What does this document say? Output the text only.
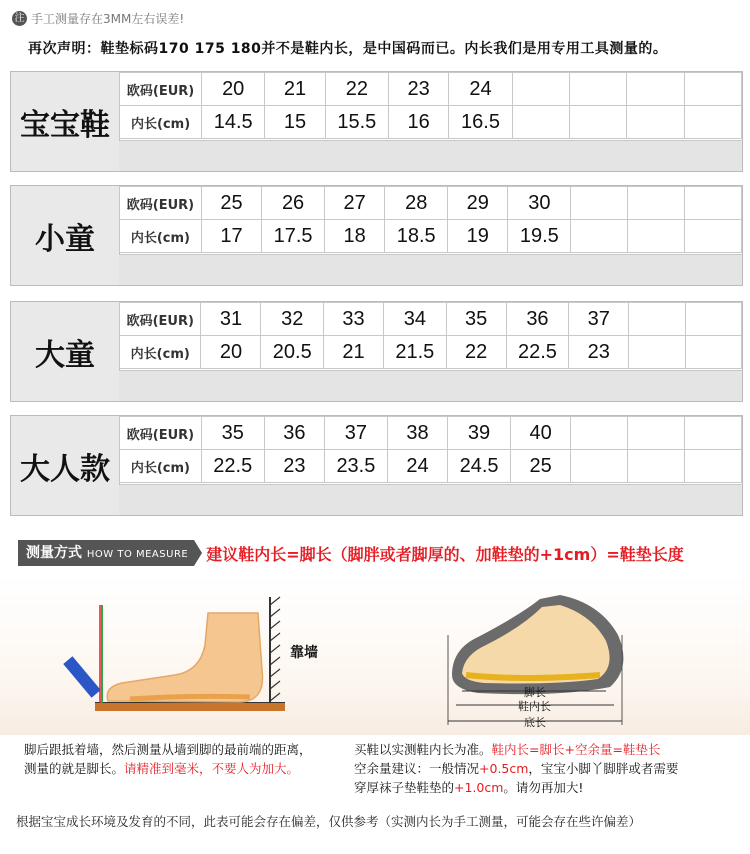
注 手工测量存在3MM左右误差!
再次声明：鞋垫标码170 175 180并不是鞋内长，是中国码而已。内长我们是用专用工具测量的。
宝宝鞋
欧码(EUR)	20	21	22	23	24				
内长(cm)	14.5	15	15.5	16	16.5				
小童
欧码(EUR)	25	26	27	28	29	30			
内长(cm)	17	17.5	18	18.5	19	19.5			
大童
欧码(EUR)	31	32	33	34	35	36	37		
内长(cm)	20	20.5	21	21.5	22	22.5	23		
大人款
欧码(EUR)	35	36	37	38	39	40			
内长(cm)	22.5	23	23.5	24	24.5	25			
测量方式 HOW TO MEASURE	建议鞋内长=脚长（脚胖或者脚厚的、加鞋垫的+1cm）=鞋垫长度
靠墙
脚长
鞋内长
底长
脚后跟抵着墙，然后测量从墙到脚的最前端的距离，
测量的就是脚长。请精准到毫米，不要人为加大。
买鞋以实测鞋内长为准。鞋内长=脚长+空余量=鞋垫长
空余量建议：一般情况+0.5cm，宝宝小脚丫脚胖或者需要
穿厚袜子垫鞋垫的+1.0cm。请勿再加大!
根据宝宝成长环境及发育的不同，此表可能会存在偏差，仅供参考（实测内长为手工测量，可能会存在些许偏差）
